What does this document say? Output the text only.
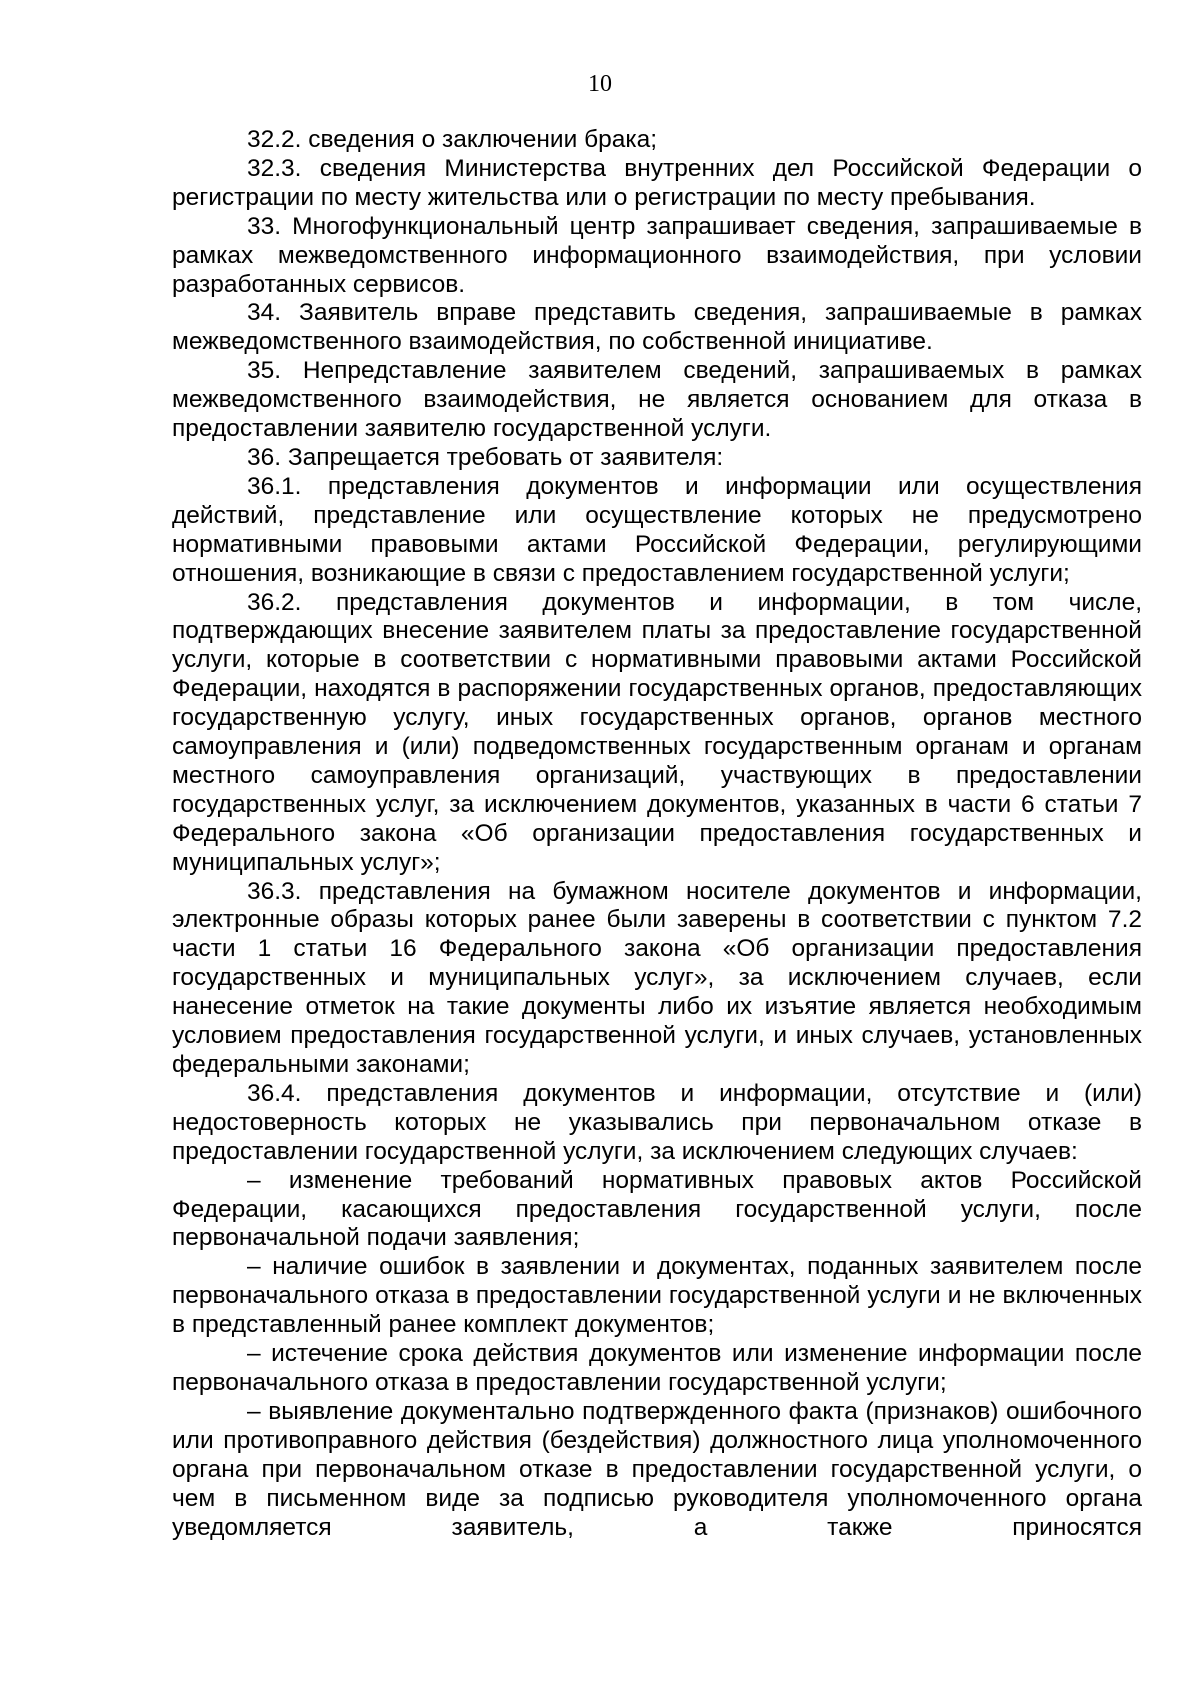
10

32.2. сведения о заключении брака;

32.3. сведения Министерства внутренних дел Российской Федерации о регистрации по месту жительства или о регистрации по месту пребывания.

33. Многофункциональный центр запрашивает сведения, запрашиваемые в рамках межведомственного информационного взаимодействия, при условии разработанных сервисов.

34. Заявитель вправе представить сведения, запрашиваемые в рамках межведомственного взаимодействия, по собственной инициативе.

35. Непредставление заявителем сведений, запрашиваемых в рамках межведомственного взаимодействия, не является основанием для отказа в предоставлении заявителю государственной услуги.

36. Запрещается требовать от заявителя:

36.1. представления документов и информации или осуществления действий, представление или осуществление которых не предусмотрено нормативными правовыми актами Российской Федерации, регулирующими отношения, возникающие в связи с предоставлением государственной услуги;

36.2. представления документов и информации, в том числе, подтверждающих внесение заявителем платы за предоставление государственной услуги, которые в соответствии с нормативными правовыми актами Российской Федерации, находятся в распоряжении государственных органов, предоставляющих государственную услугу, иных государственных органов, органов местного самоуправления и (или) подведомственных государственным органам и органам местного самоуправления организаций, участвующих в предоставлении государственных услуг, за исключением документов, указанных в части 6 статьи 7 Федерального закона «Об организации предоставления государственных и муниципальных услуг»;

36.3. представления на бумажном носителе документов и информации, электронные образы которых ранее были заверены в соответствии с пунктом 7.2 части 1 статьи 16 Федерального закона «Об организации предоставления государственных и муниципальных услуг», за исключением случаев, если нанесение отметок на такие документы либо их изъятие является необходимым условием предоставления государственной услуги, и иных случаев, установленных федеральными законами;

36.4. представления документов и информации, отсутствие и (или) недостоверность которых не указывались при первоначальном отказе в предоставлении государственной услуги, за исключением следующих случаев:

– изменение требований нормативных правовых актов Российской Федерации, касающихся предоставления государственной услуги, после первоначальной подачи заявления;

– наличие ошибок в заявлении и документах, поданных заявителем после первоначального отказа в предоставлении государственной услуги и не включенных в представленный ранее комплект документов;

– истечение срока действия документов или изменение информации после первоначального отказа в предоставлении государственной услуги;

– выявление документально подтвержденного факта (признаков) ошибочного или противоправного действия (бездействия) должностного лица уполномоченного органа при первоначальном отказе в предоставлении государственной услуги, о чем в письменном виде за подписью руководителя уполномоченного органа уведомляется заявитель, а также приносятся
